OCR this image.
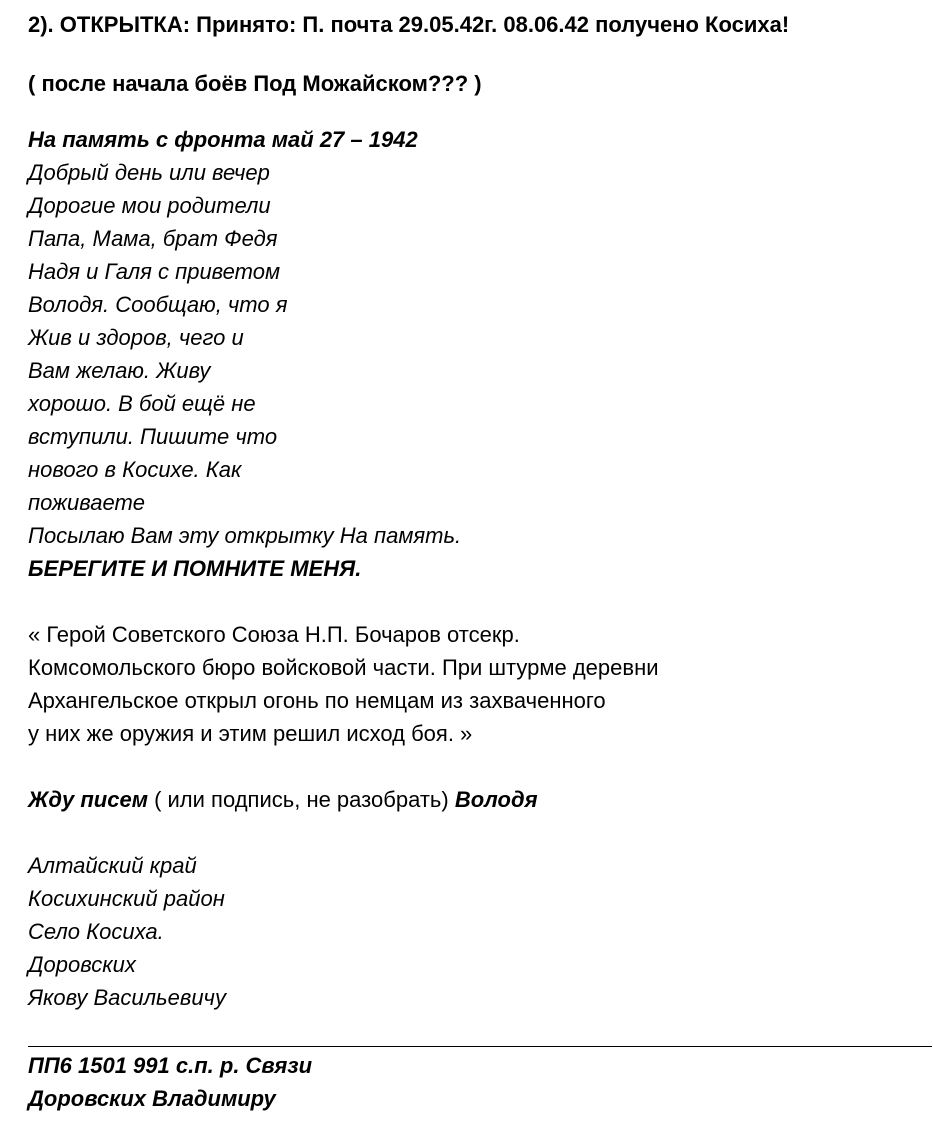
2). ОТКРЫТКА: Принято: П. почта 29.05.42г. 08.06.42 получено Косиха!
( после начала боёв Под Можайском??? )
На память с фронта май 27 – 1942
Добрый день или вечер
Дорогие мои родители
Папа, Мама, брат Федя
Надя и Галя с приветом
Володя. Сообщаю, что я
Жив и здоров, чего и
Вам желаю. Живу
хорошо. В бой ещё не
вступили. Пишите что
нового в Косихе. Как
поживаете
Посылаю Вам эту открытку На память.
БЕРЕГИТЕ И ПОМНИТЕ МЕНЯ.
« Герой Советского Союза Н.П. Бочаров отсекр.
Комсомольского бюро войсковой части. При штурме деревни
Архангельское открыл огонь по немцам из захваченного
у них же оружия и этим решил исход боя. »
Жду писем ( или подпись, не разобрать) Володя
Алтайский край
Косихинский район
Село Косиха.
Доровских
Якову Васильевичу
ПП6 1501 991 с.п. р. Связи
Доровских Владимиру
